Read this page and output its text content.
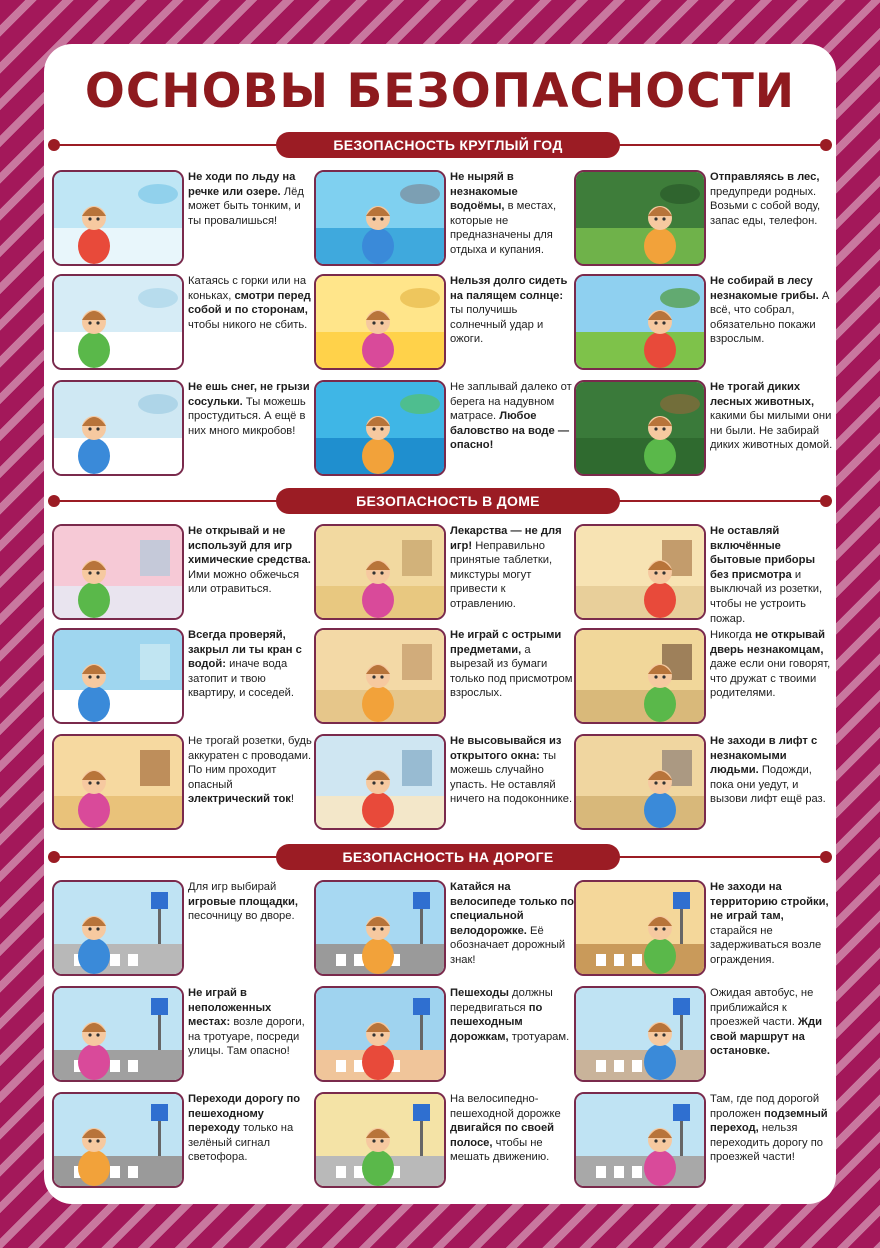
ОСНОВЫ БЕЗОПАСНОСТИ
БЕЗОПАСНОСТЬ КРУГЛЫЙ ГОД
Не ходи по льду на речке или озере. Лёд может быть тонким, и ты провалишься!
Не ныряй в незнакомые водоёмы, в местах, которые не предназначены для отдыха и купания.
Отправляясь в лес, предупреди родных. Возьми с собой воду, запас еды, телефон.
Катаясь с горки или на коньках, смотри перед собой и по сторонам, чтобы никого не сбить.
Нельзя долго сидеть на палящем солнце: ты получишь солнечный удар и ожоги.
Не собирай в лесу незнакомые грибы. А всё, что собрал, обязательно покажи взрослым.
Не ешь снег, не грызи сосульки. Ты можешь простудиться. А ещё в них много микробов!
Не заплывай далеко от берега на надувном матрасе. Любое баловство на воде — опасно!
Не трогай диких лесных животных, какими бы милыми они ни были. Не забирай диких животных домой.
БЕЗОПАСНОСТЬ В ДОМЕ
Не открывай и не используй для игр химические средства. Ими можно обжечься или отравиться.
Лекарства — не для игр! Неправильно принятые таблетки, микстуры могут привести к отравлению.
Не оставляй включённые бытовые приборы без присмотра и выключай из розетки, чтобы не устроить пожар.
Всегда проверяй, закрыл ли ты кран с водой: иначе вода затопит и твою квартиру, и соседей.
Не играй с острыми предметами, а вырезай из бумаги только под присмотром взрослых.
Никогда не открывай дверь незнакомцам, даже если они говорят, что дружат с твоими родителями.
Не трогай розетки, будь аккуратен с проводами. По ним проходит опасный электрический ток!
Не высовывайся из открытого окна: ты можешь случайно упасть. Не оставляй ничего на подоконнике.
Не заходи в лифт с незнакомыми людьми. Подожди, пока они уедут, и вызови лифт ещё раз.
БЕЗОПАСНОСТЬ НА ДОРОГЕ
Для игр выбирай игровые площадки, песочницу во дворе.
Катайся на велосипеде только по специальной велодорожке. Её обозначает дорожный знак!
Не заходи на территорию стройки, не играй там, старайся не задерживаться возле ограждения.
Не играй в неположенных местах: возле дороги, на тротуаре, посреди улицы. Там опасно!
Пешеходы должны передвигаться по пешеходным дорожкам, тротуарам.
Ожидая автобус, не приближайся к проезжей части. Жди свой маршрут на остановке.
Переходи дорогу по пешеходному переходу только на зелёный сигнал светофора.
На велосипедно-пешеходной дорожке двигайся по своей полосе, чтобы не мешать движению.
Там, где под дорогой проложен подземный переход, нельзя переходить дорогу по проезжей части!
